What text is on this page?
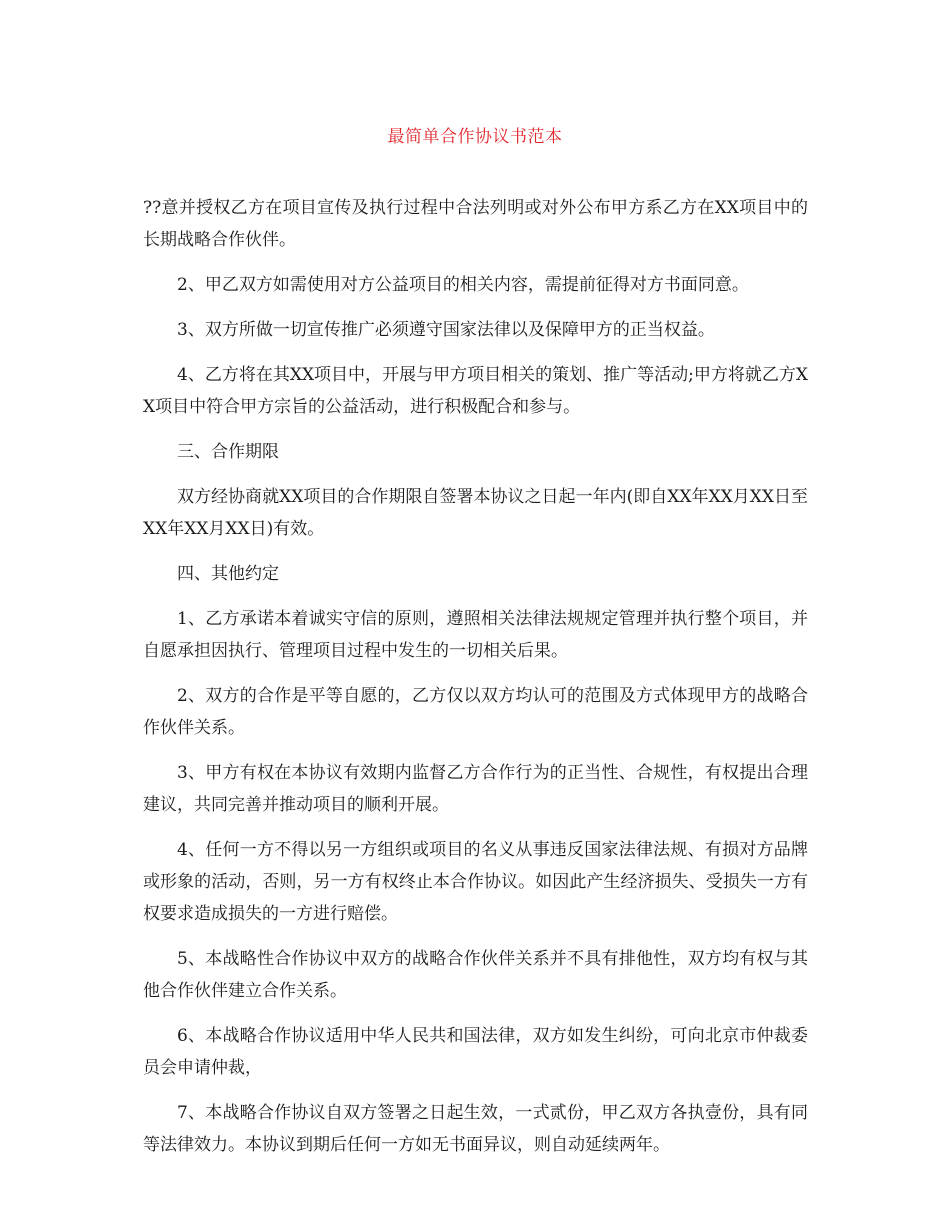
最简单合作协议书范本

??意并授权乙方在项目宣传及执行过程中合法列明或对外公布甲方系乙方在XX项目中的长期战略合作伙伴。

2、甲乙双方如需使用对方公益项目的相关内容，需提前征得对方书面同意。

3、双方所做一切宣传推广必须遵守国家法律以及保障甲方的正当权益。

4、乙方将在其XX项目中，开展与甲方项目相关的策划、推广等活动;甲方将就乙方XX项目中符合甲方宗旨的公益活动，进行积极配合和参与。

三、合作期限

双方经协商就XX项目的合作期限自签署本协议之日起一年内(即自XX年XX月XX日至XX年XX月XX日)有效。

四、其他约定

1、乙方承诺本着诚实守信的原则，遵照相关法律法规规定管理并执行整个项目，并自愿承担因执行、管理项目过程中发生的一切相关后果。

2、双方的合作是平等自愿的，乙方仅以双方均认可的范围及方式体现甲方的战略合作伙伴关系。

3、甲方有权在本协议有效期内监督乙方合作行为的正当性、合规性，有权提出合理建议，共同完善并推动项目的顺利开展。

4、任何一方不得以另一方组织或项目的名义从事违反国家法律法规、有损对方品牌或形象的活动，否则，另一方有权终止本合作协议。如因此产生经济损失、受损失一方有权要求造成损失的一方进行赔偿。

5、本战略性合作协议中双方的战略合作伙伴关系并不具有排他性，双方均有权与其他合作伙伴建立合作关系。

6、本战略合作协议适用中华人民共和国法律，双方如发生纠纷，可向北京市仲裁委员会申请仲裁，

7、本战略合作协议自双方签署之日起生效，一式贰份，甲乙双方各执壹份，具有同等法律效力。本协议到期后任何一方如无书面异议，则自动延续两年。
